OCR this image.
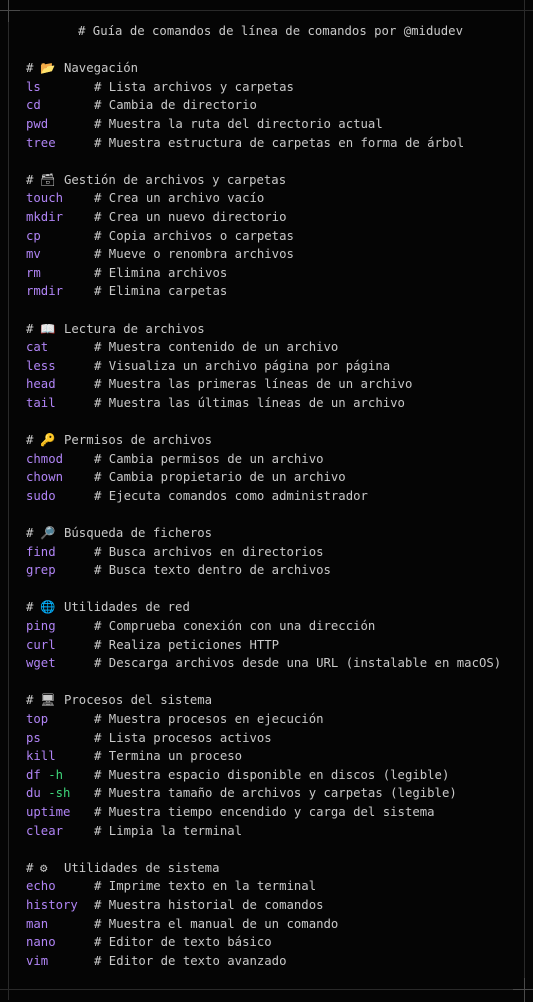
# Guía de comandos de línea de comandos por @midudev
# 📂 Navegación
ls	# Lista archivos y carpetas
cd	# Cambia de directorio
pwd	# Muestra la ruta del directorio actual
tree	# Muestra estructura de carpetas en forma de árbol
# 🗃 Gestión de archivos y carpetas
touch	# Crea un archivo vacío
mkdir	# Crea un nuevo directorio
cp	# Copia archivos o carpetas
mv	# Mueve o renombra archivos
rm	# Elimina archivos
rmdir	# Elimina carpetas
# 📖 Lectura de archivos
cat	# Muestra contenido de un archivo
less	# Visualiza un archivo página por página
head	# Muestra las primeras líneas de un archivo
tail	# Muestra las últimas líneas de un archivo
# 🔑 Permisos de archivos
chmod	# Cambia permisos de un archivo
chown	# Cambia propietario de un archivo
sudo	# Ejecuta comandos como administrador
# 🔎 Búsqueda de ficheros
find	# Busca archivos en directorios
grep	# Busca texto dentro de archivos
# 🌐 Utilidades de red
ping	# Comprueba conexión con una dirección
curl	# Realiza peticiones HTTP
wget	# Descarga archivos desde una URL (instalable en macOS)
# 🖥 Procesos del sistema
top	# Muestra procesos en ejecución
ps	# Lista procesos activos
kill	# Termina un proceso
df -h	# Muestra espacio disponible en discos (legible)
du -sh	# Muestra tamaño de archivos y carpetas (legible)
uptime	# Muestra tiempo encendido y carga del sistema
clear	# Limpia la terminal
# ⚙	Utilidades de sistema
echo	# Imprime texto en la terminal
history	# Muestra historial de comandos
man	# Muestra el manual de un comando
nano	# Editor de texto básico
vim	# Editor de texto avanzado
